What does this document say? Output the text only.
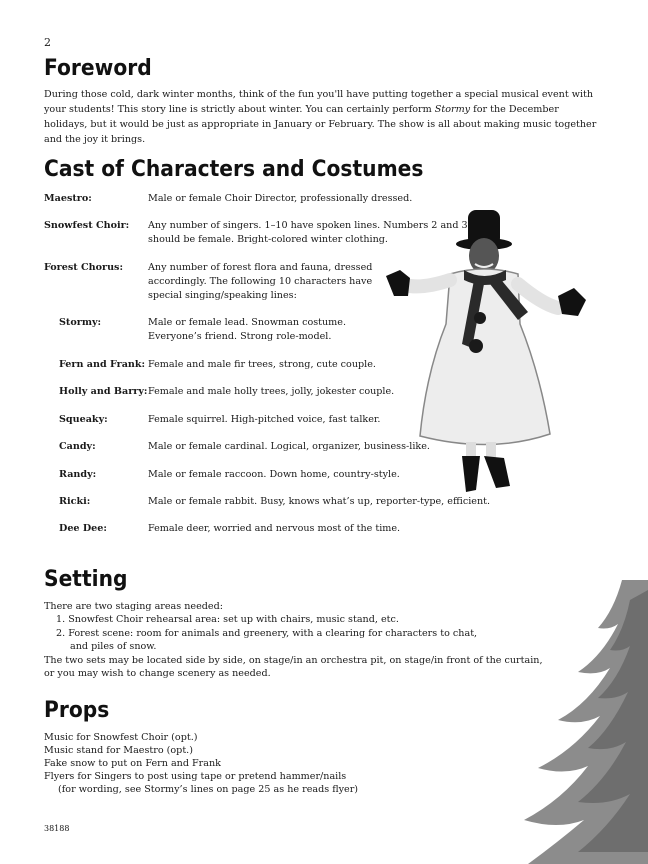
2
Foreword

During those cold, dark winter months, think of the fun you'll have putting together a special musical event with your students! This story line is strictly about winter. You can certainly perform Stormy for the December holidays, but it would be just as appropriate in January or February. The show is all about making music together and the joy it brings.

Cast of Characters and Costumes
Maestro:	Male or female Choir Director, professionally dressed.
Snowfest Choir:	Any number of singers. 1–10 have spoken lines. Numbers 2 and 3
should be female. Bright-colored winter clothing.
Forest Chorus:	Any number of forest flora and fauna, dressed
accordingly. The following 10 characters have
special singing/speaking lines:
Stormy:	Male or female lead. Snowman costume.
Everyone’s friend. Strong role-model.
Fern and Frank: Female and male fir trees, strong, cute couple.
Holly and Barry: Female and male holly trees, jolly, jokester couple.
Squeaky:	Female squirrel. High-pitched voice, fast talker.
Candy:	Male or female cardinal. Logical, organizer, business-like.
Randy:	Male or female raccoon. Down home, country-style.
Ricki:	Male or female rabbit. Busy, knows what’s up, reporter-type, efficient.
Dee Dee:	Female deer, worried and nervous most of the time.
Setting
There are two staging areas needed:
1. Snowfest Choir rehearsal area: set up with chairs, music stand, etc.
2. Forest scene: room for animals and greenery, with a clearing for characters to chat,
and piles of snow.
The two sets may be located side by side, on stage/in an orchestra pit, on stage/in front of the curtain,
or you may wish to change scenery as needed.
Props
Music for Snowfest Choir (opt.)
Music stand for Maestro (opt.)
Fake snow to put on Fern and Frank
Flyers for Singers to post using tape or pretend hammer/nails
(for wording, see Stormy’s lines on page 25 as he reads flyer)
38188
